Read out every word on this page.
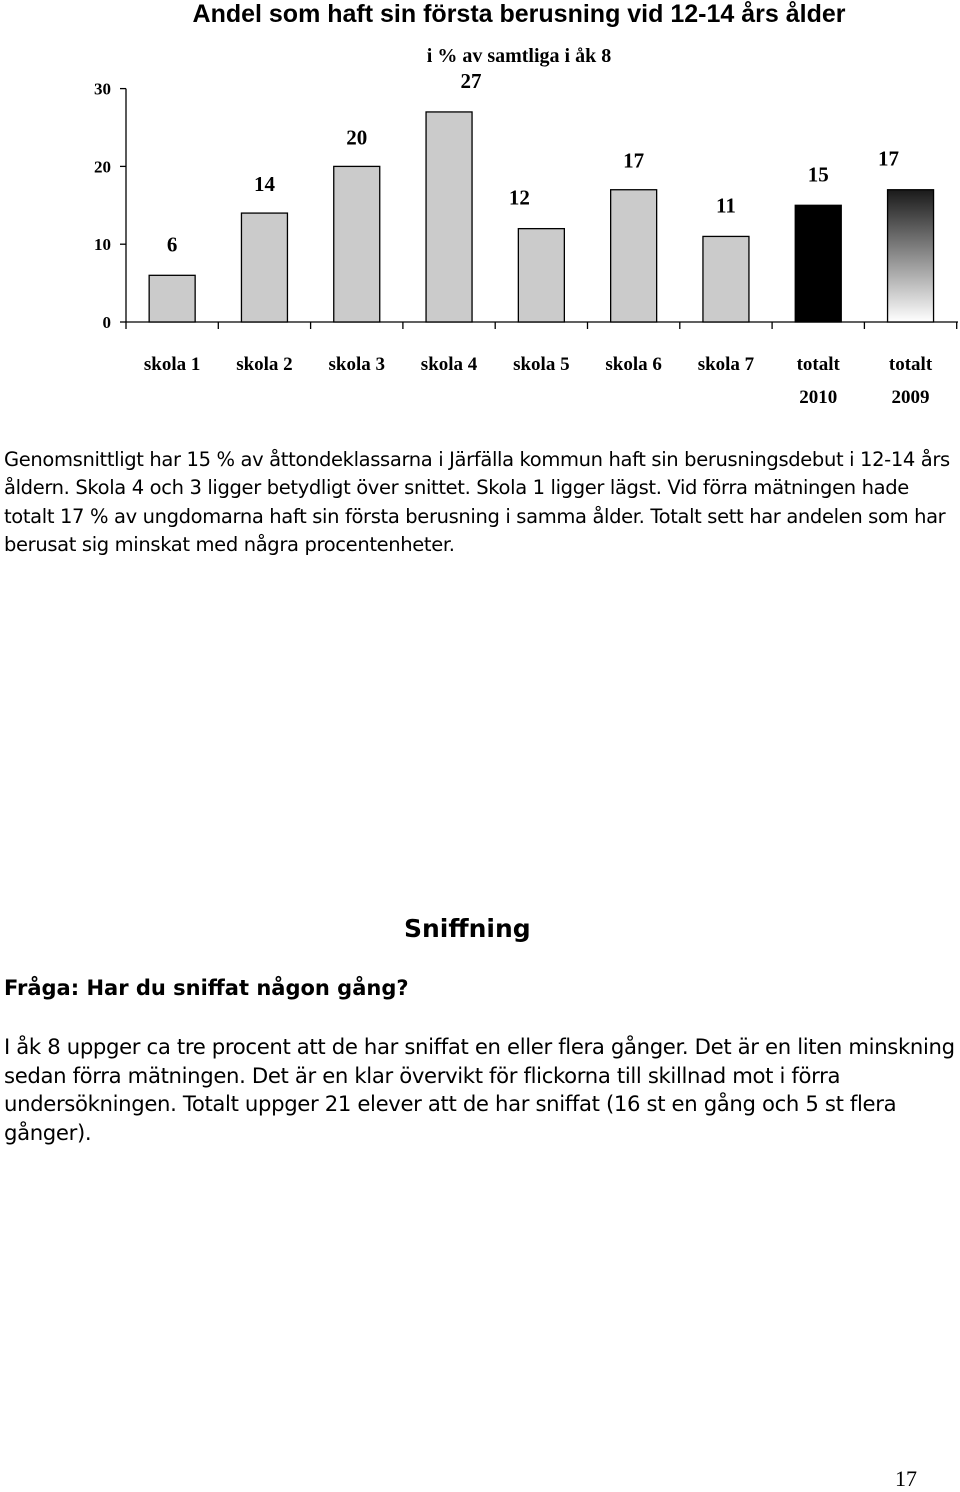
Andel som haft sin första berusning vid 12-14 års ålder
i % av samtliga i åk 8
0
10
20
30
6
14
20
27
12
17
11
15
17
skola 1 skola 2 skola 3 skola 4 skola 5 skola 6 skola 7 totalt
2010
totalt
2009

Genomsnittligt har 15 % av åttondeklassarna i Järfälla kommun haft sin berusningsdebut i 12-14 års åldern. Skola 4 och 3 ligger betydligt över snittet. Skola 1 ligger lägst. Vid förra mätningen hade totalt 17 % av ungdomarna haft sin första berusning i samma ålder. Totalt sett har andelen som har berusat sig minskat med några procentenheter.

Sniffning

Fråga: Har du sniffat någon gång?

I åk 8 uppger ca tre procent att de har sniffat en eller flera gånger. Det är en liten minskning sedan förra mätningen. Det är en klar övervikt för flickorna till skillnad mot i förra undersökningen. Totalt uppger 21 elever att de har sniffat (16 st en gång och 5 st flera gånger).

17
